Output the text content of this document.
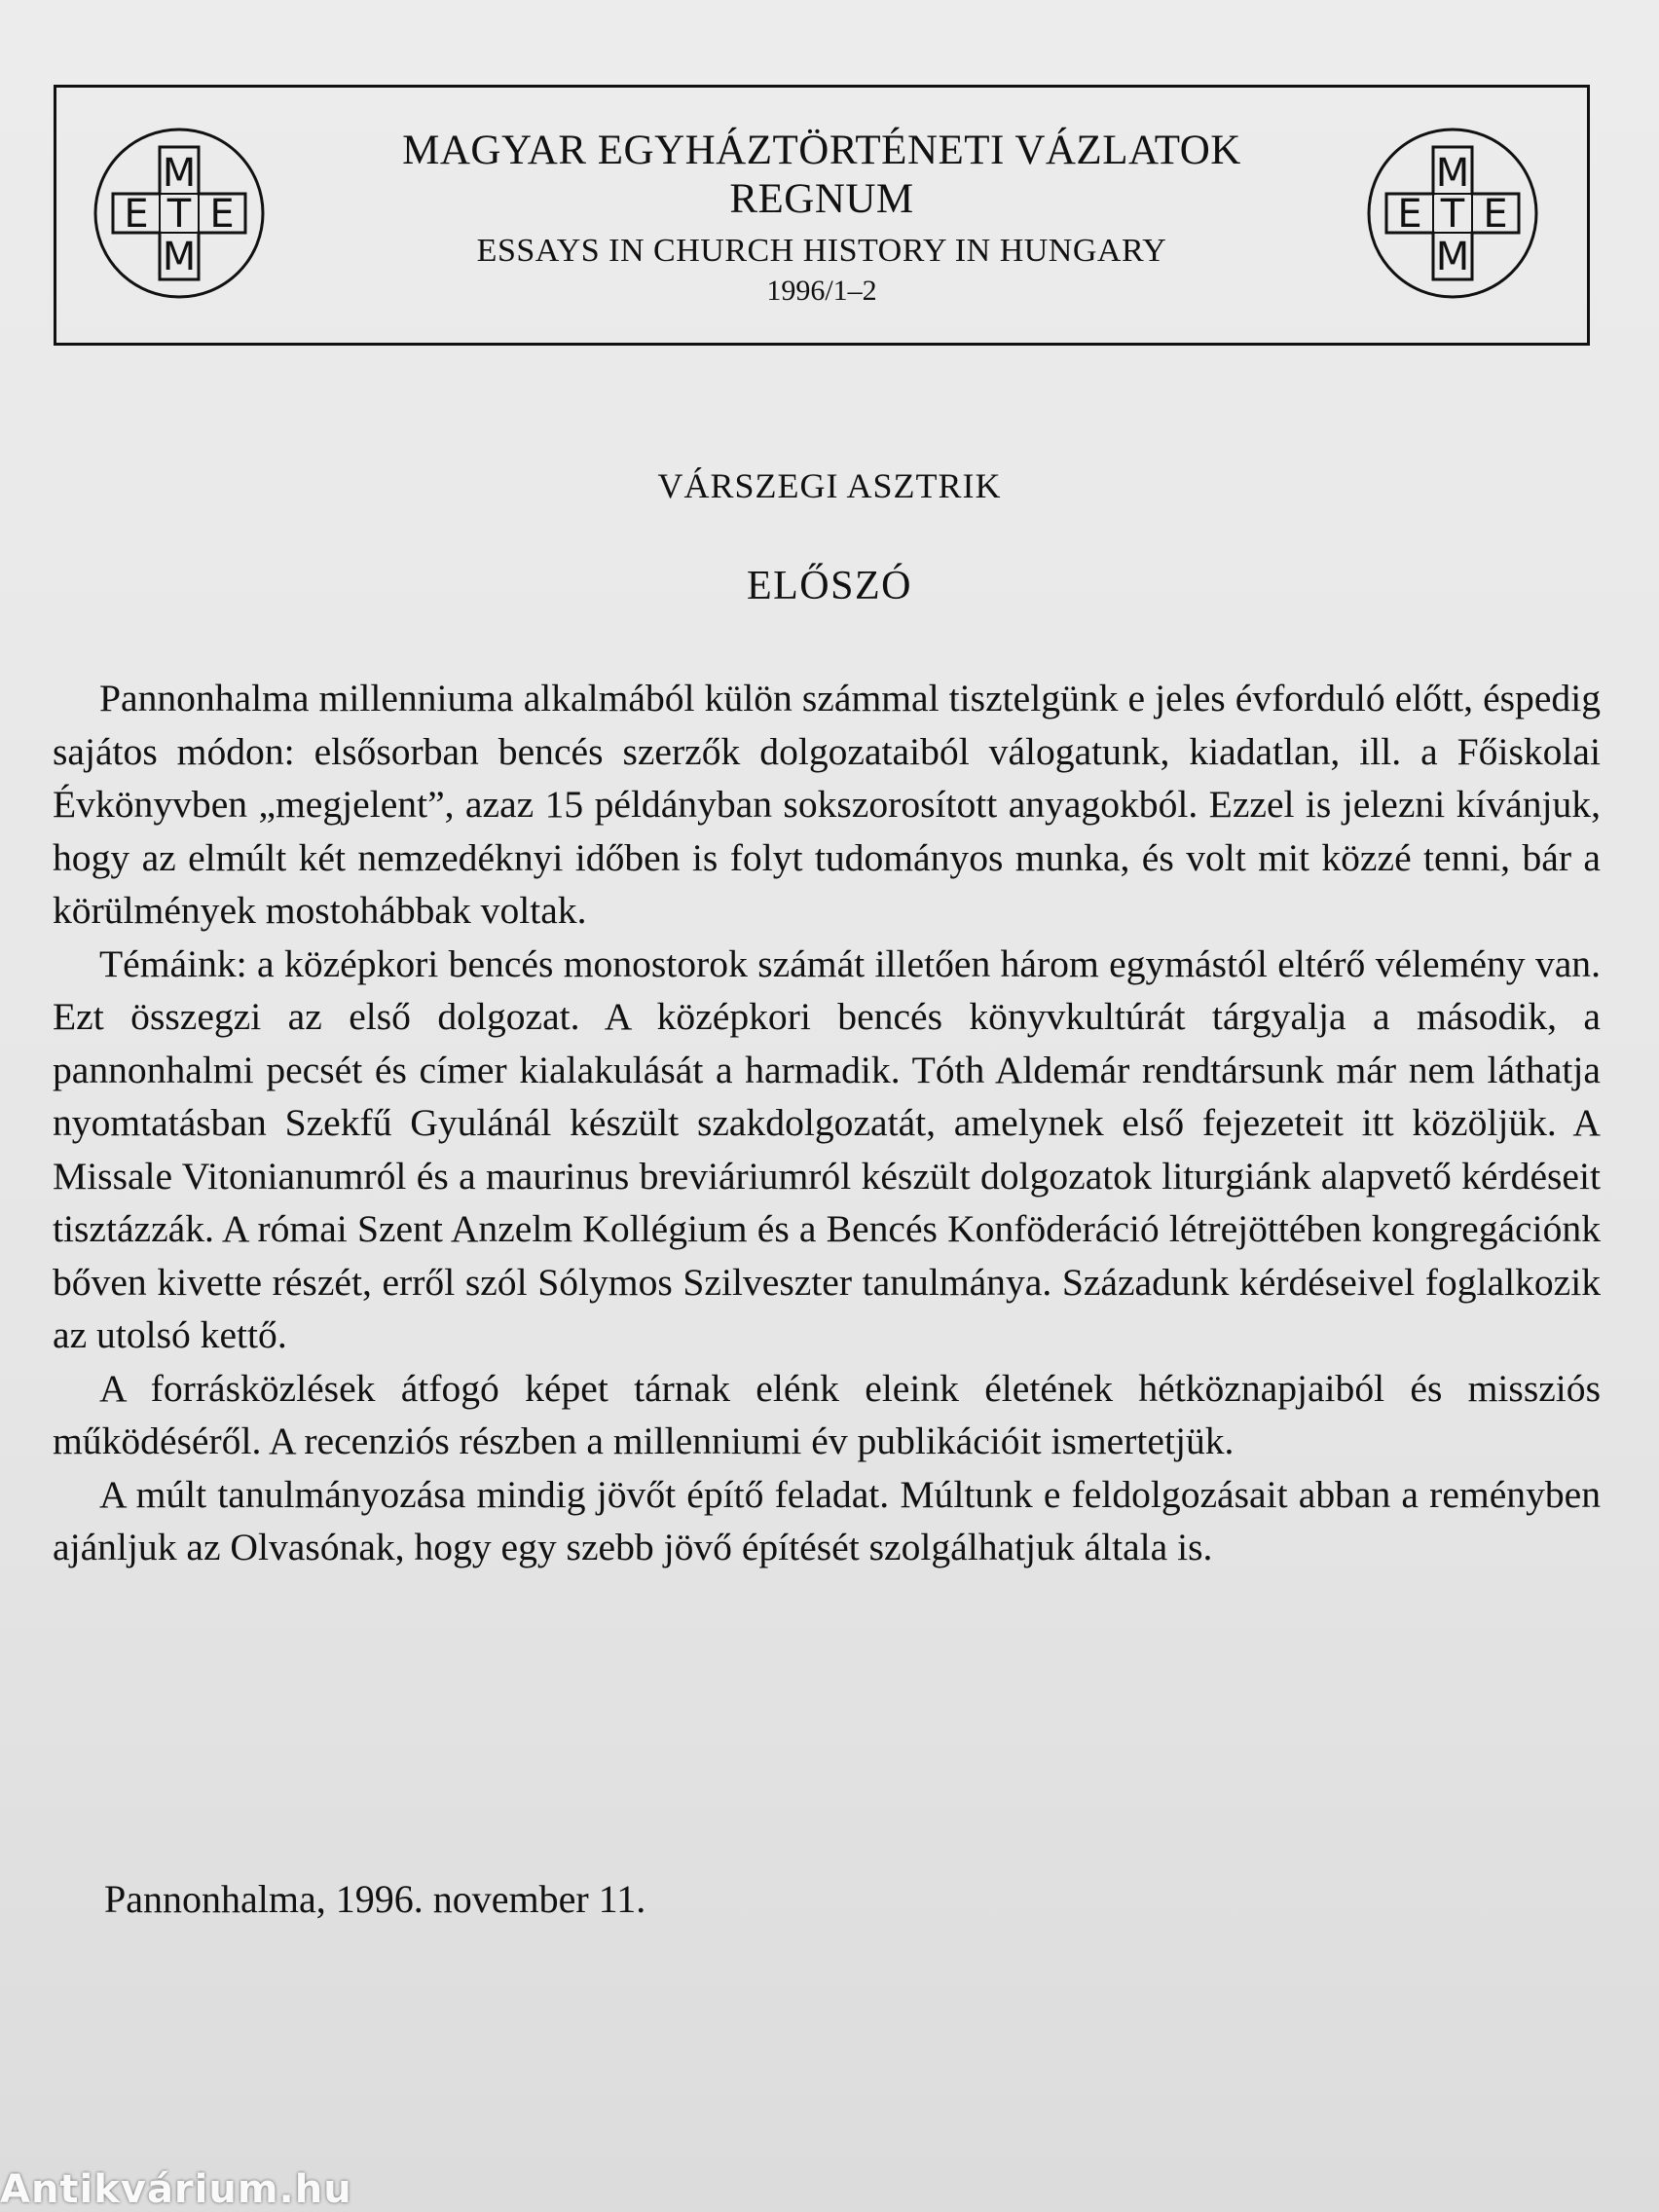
M
E T E
M
MAGYAR EGYHÁZTÖRTÉNETI VÁZLATOK
REGNUM
ESSAYS IN CHURCH HISTORY IN HUNGARY
1996/1–2
M
E T E
M
VÁRSZEGI ASZTRIK
ELŐSZÓ

Pannonhalma millenniuma alkalmából külön számmal tisztelgünk e jeles évforduló előtt, éspedig sajátos módon: elsősorban bencés szerzők dolgozataiból válogatunk, kiadatlan, ill. a Főiskolai Évkönyvben „megjelent”, azaz 15 példányban sokszorosított anyagokból. Ezzel is jelezni kívánjuk, hogy az elmúlt két nemzedéknyi időben is folyt tudományos munka, és volt mit közzé tenni, bár a körülmények mostohábbak voltak.

Témáink: a középkori bencés monostorok számát illetően három egymástól eltérő vélemény van. Ezt összegzi az első dolgozat. A középkori bencés könyvkultúrát tárgyalja a második, a pannonhalmi pecsét és címer kialakulását a harmadik. Tóth Aldemár rendtársunk már nem láthatja nyomtatásban Szekfű Gyulánál készült szakdolgozatát, amelynek első fejezeteit itt közöljük. A Missale Vitonianumról és a maurinus breviáriumról készült dolgozatok liturgiánk alapvető kérdéseit tisztázzák. A római Szent Anzelm Kollégium és a Bencés Konföderáció létrejöttében kongregációnk bőven kivette részét, erről szól Sólymos Szilveszter tanulmánya. Századunk kérdéseivel foglalkozik az utolsó kettő.

A forrásközlések átfogó képet tárnak elénk eleink életének hétköznapjaiból és missziós működéséről. A recenziós részben a millenniumi év publikációit ismertetjük.

A múlt tanulmányozása mindig jövőt építő feladat. Múltunk e feldolgozásait abban a reményben ajánljuk az Olvasónak, hogy egy szebb jövő építését szolgálhatjuk általa is.

Pannonhalma, 1996. november 11.
Antikvárium.hu
